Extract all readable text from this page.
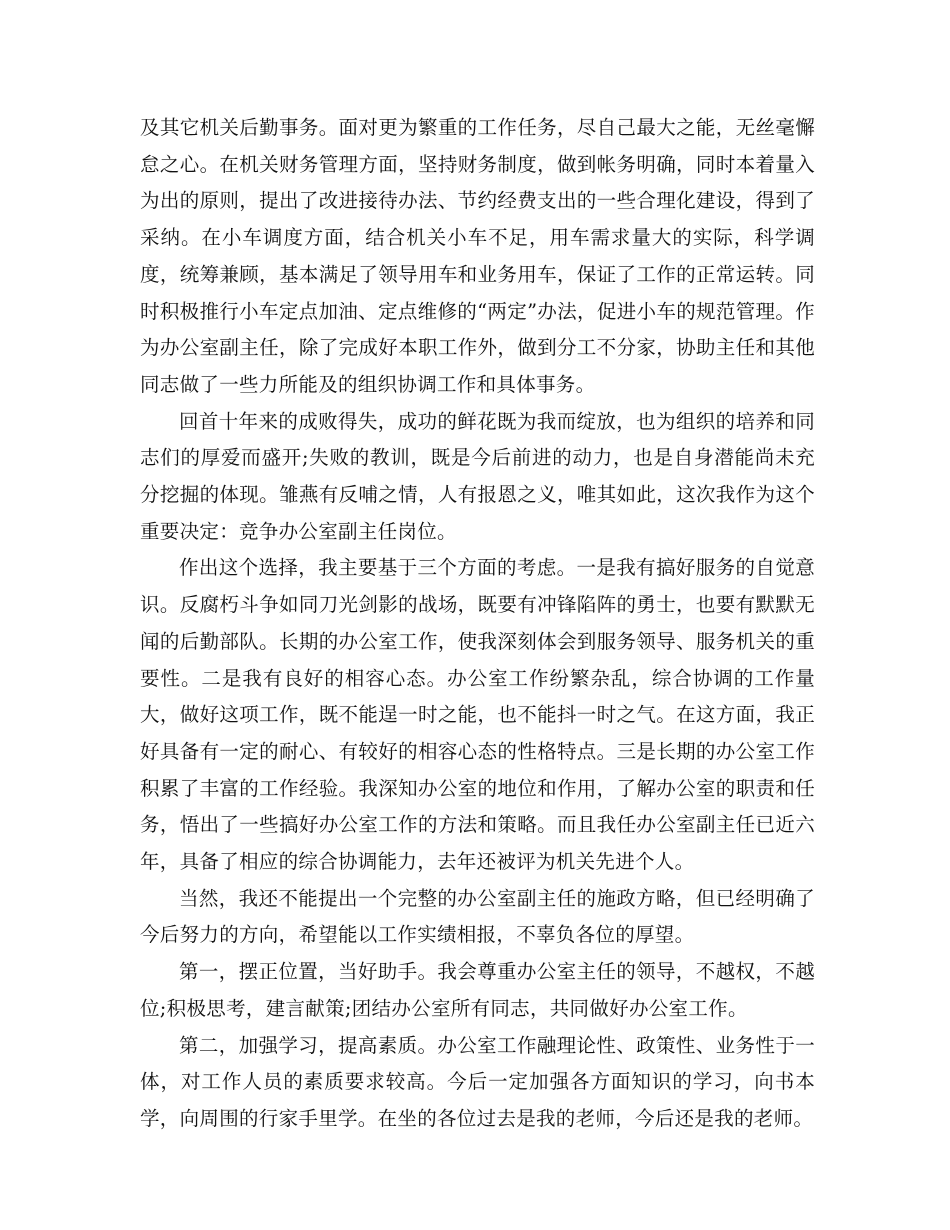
及其它机关后勤事务。面对更为繁重的工作任务，尽自己最大之能，无丝毫懈怠之心。在机关财务管理方面，坚持财务制度，做到帐务明确，同时本着量入为出的原则，提出了改进接待办法、节约经费支出的一些合理化建设，得到了采纳。在小车调度方面，结合机关小车不足，用车需求量大的实际，科学调度，统筹兼顾，基本满足了领导用车和业务用车，保证了工作的正常运转。同时积极推行小车定点加油、定点维修的“两定”办法，促进小车的规范管理。作为办公室副主任，除了完成好本职工作外，做到分工不分家，协助主任和其他同志做了一些力所能及的组织协调工作和具体事务。

回首十年来的成败得失，成功的鲜花既为我而绽放，也为组织的培养和同志们的厚爱而盛开;失败的教训，既是今后前进的动力，也是自身潜能尚未充分挖掘的体现。雏燕有反哺之情，人有报恩之义，唯其如此，这次我作为这个重要决定：竞争办公室副主任岗位。

作出这个选择，我主要基于三个方面的考虑。一是我有搞好服务的自觉意识。反腐朽斗争如同刀光剑影的战场，既要有冲锋陷阵的勇士，也要有默默无闻的后勤部队。长期的办公室工作，使我深刻体会到服务领导、服务机关的重要性。二是我有良好的相容心态。办公室工作纷繁杂乱，综合协调的工作量大，做好这项工作，既不能逞一时之能，也不能抖一时之气。在这方面，我正好具备有一定的耐心、有较好的相容心态的性格特点。三是长期的办公室工作积累了丰富的工作经验。我深知办公室的地位和作用，了解办公室的职责和任务，悟出了一些搞好办公室工作的方法和策略。而且我任办公室副主任已近六年，具备了相应的综合协调能力，去年还被评为机关先进个人。

当然，我还不能提出一个完整的办公室副主任的施政方略，但已经明确了今后努力的方向，希望能以工作实绩相报，不辜负各位的厚望。

第一，摆正位置，当好助手。我会尊重办公室主任的领导，不越权，不越位;积极思考，建言献策;团结办公室所有同志，共同做好办公室工作。

第二，加强学习，提高素质。办公室工作融理论性、政策性、业务性于一体，对工作人员的素质要求较高。今后一定加强各方面知识的学习，向书本学，向周围的行家手里学。在坐的各位过去是我的老师，今后还是我的老师。
